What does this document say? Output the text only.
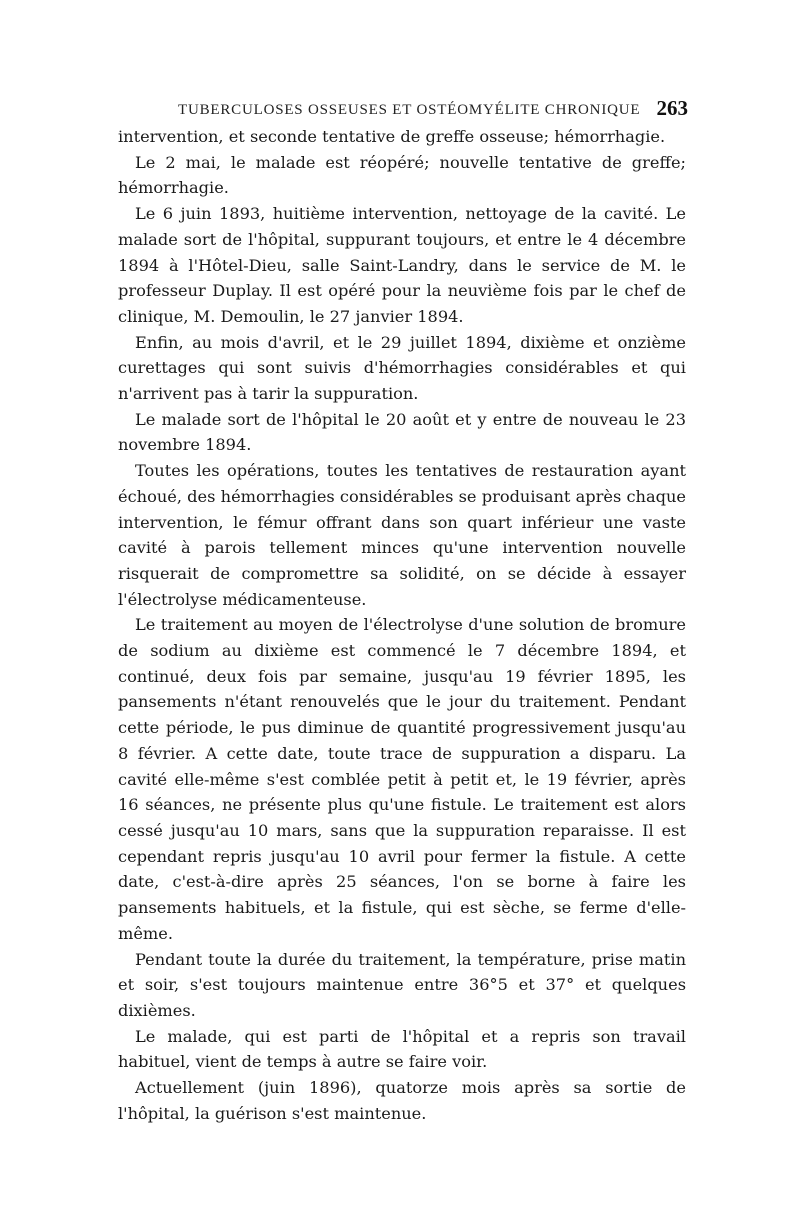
TUBERCULOSES OSSEUSES ET OSTÉOMYÉLITE CHRONIQUE 263

intervention, et seconde tentative de greffe osseuse; hémorrhagie.

Le 2 mai, le malade est réopéré; nouvelle tentative de greffe; hémorrhagie.

Le 6 juin 1893, huitième intervention, nettoyage de la cavité. Le malade sort de l'hôpital, suppurant toujours, et entre le 4 décembre 1894 à l'Hôtel-Dieu, salle Saint-Landry, dans le service de M. le professeur Duplay. Il est opéré pour la neuvième fois par le chef de clinique, M. Demoulin, le 27 janvier 1894.

Enfin, au mois d'avril, et le 29 juillet 1894, dixième et onzième curettages qui sont suivis d'hémorrhagies considérables et qui n'arrivent pas à tarir la suppuration.

Le malade sort de l'hôpital le 20 août et y entre de nouveau le 23 novembre 1894.

Toutes les opérations, toutes les tentatives de restauration ayant échoué, des hémorrhagies considérables se produisant après chaque intervention, le fémur offrant dans son quart inférieur une vaste cavité à parois tellement minces qu'une intervention nouvelle risquerait de compromettre sa solidité, on se décide à essayer l'électrolyse médicamenteuse.

Le traitement au moyen de l'électrolyse d'une solution de bromure de sodium au dixième est commencé le 7 décembre 1894, et continué, deux fois par semaine, jusqu'au 19 février 1895, les pansements n'étant renouvelés que le jour du traitement. Pendant cette période, le pus diminue de quantité progressivement jusqu'au 8 février. A cette date, toute trace de suppuration a disparu. La cavité elle-même s'est comblée petit à petit et, le 19 février, après 16 séances, ne présente plus qu'une fistule. Le traitement est alors cessé jusqu'au 10 mars, sans que la suppuration reparaisse. Il est cependant repris jusqu'au 10 avril pour fermer la fistule. A cette date, c'est-à-dire après 25 séances, l'on se borne à faire les pansements habituels, et la fistule, qui est sèche, se ferme d'elle-même.

Pendant toute la durée du traitement, la température, prise matin et soir, s'est toujours maintenue entre 36°5 et 37° et quelques dixièmes.

Le malade, qui est parti de l'hôpital et a repris son travail habituel, vient de temps à autre se faire voir.

Actuellement (juin 1896), quatorze mois après sa sortie de l'hôpital, la guérison s'est maintenue.
